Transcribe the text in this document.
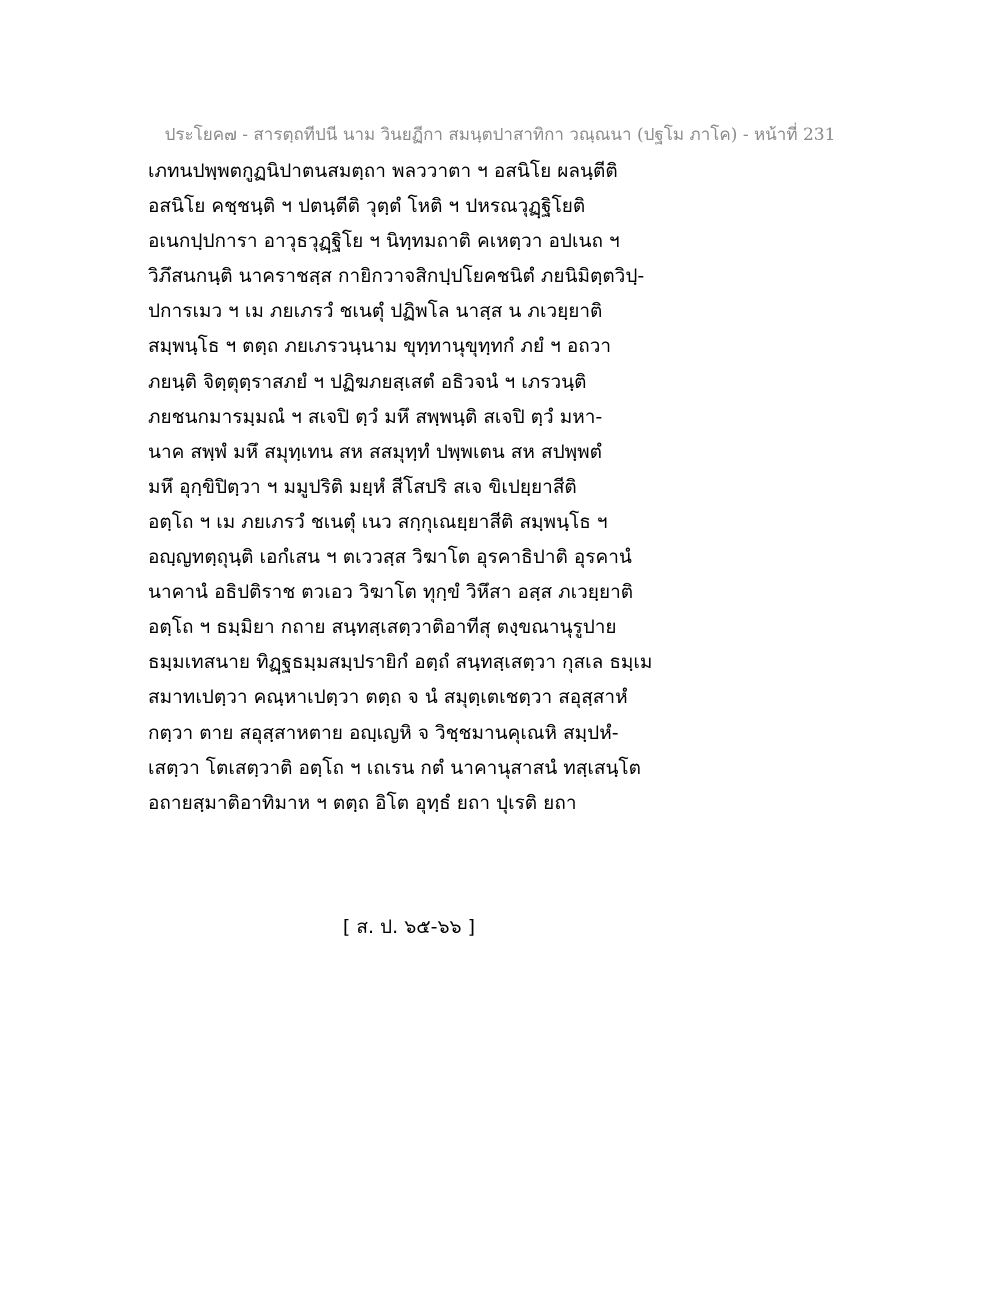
ประโยค๗ - สารตฺถทีปนี นาม วินยฏีกา สมนฺตปาสาทิกา วณฺณนา (ปฐโม ภาโค) - หน้าที่ 231
เภทนปพฺพตกูฏนิปาตนสมตฺถา พลววาตา ฯ อสนิโย ผลนฺตีติ
อสนิโย คชฺชนฺติ ฯ ปตนฺตีติ วุตฺตํ โหติ ฯ ปหรณวุฏฺฐิโยติ
อเนกปฺปการา อาวุธวุฏฺฐิโย ฯ นิทฺทมถาติ คเหตฺวา อปเนถ ฯ
วิภึสนกนฺติ นาคราชสฺส กายิกวาจสิกปฺปโยคชนิตํ ภยนิมิตฺตวิปฺ-
ปการเมว ฯ เม ภยเภรวํ ชเนตุํ ปฏิพโล นาสฺส น ภเวยฺยาติ
สมฺพนฺโธ ฯ ตตฺถ ภยเภรวนฺนาม ขุทฺทานุขุทฺทกํ ภยํ ฯ อถวา
ภยนฺติ จิตฺตุตฺราสภยํ ฯ ปฏิฆภยสฺเสตํ อธิวจนํ ฯ เภรวนฺติ
ภยชนกมารมฺมณํ ฯ สเจปิ ตฺวํ มหึ สพฺพนฺติ สเจปิ ตฺวํ มหา-
นาค สพฺพํ มหึ สมุทฺเทน สห สสมุทฺทํ ปพฺพเตน สห สปพฺพตํ
มหึ อุกฺขิปิตฺวา ฯ มมูปริติ มยฺหํ สีโสปริ สเจ ขิเปยฺยาสีติ
อตฺโถ ฯ เม ภยเภรวํ ชเนตุํ เนว สกฺกุเณยฺยาสีติ สมฺพนฺโธ ฯ
อญฺญทตฺถุนฺติ เอกํเสน ฯ ตเววสฺส วิฆาโต อุรคาธิปาติ อุรคานํ
นาคานํ อธิปติราช ตวเอว วิฆาโต ทุกฺขํ วิหึสา อสฺส ภเวยฺยาติ
อตฺโถ ฯ ธมฺมิยา กถาย สนฺทสฺเสตฺวาติอาทีสุ ตงฺขณานุรูปาย
ธมฺมเทสนาย ทิฏฺฐธมฺมสมฺปรายิกํ อตฺถํ สนฺทสฺเสตฺวา กุสเล ธมฺเม
สมาทเปตฺวา คณฺหาเปตฺวา ตตฺถ จ นํ สมุตฺเตเชตฺวา สอุสฺสาหํ
กตฺวา ตาย สอุสฺสาหตาย อญฺเญหิ จ วิชฺชมานคุเณหิ สมฺปหํ-
เสตฺวา โตเสตฺวาติ อตฺโถ ฯ เถเรน กตํ นาคานุสาสนํ ทสฺเสนฺโต
อถายสฺมาติอาทิมาห ฯ ตตฺถ อิโต อุทฺธํ ยถา ปุเรติ ยถา
[ ส. ป. ๖๕-๖๖ ]
